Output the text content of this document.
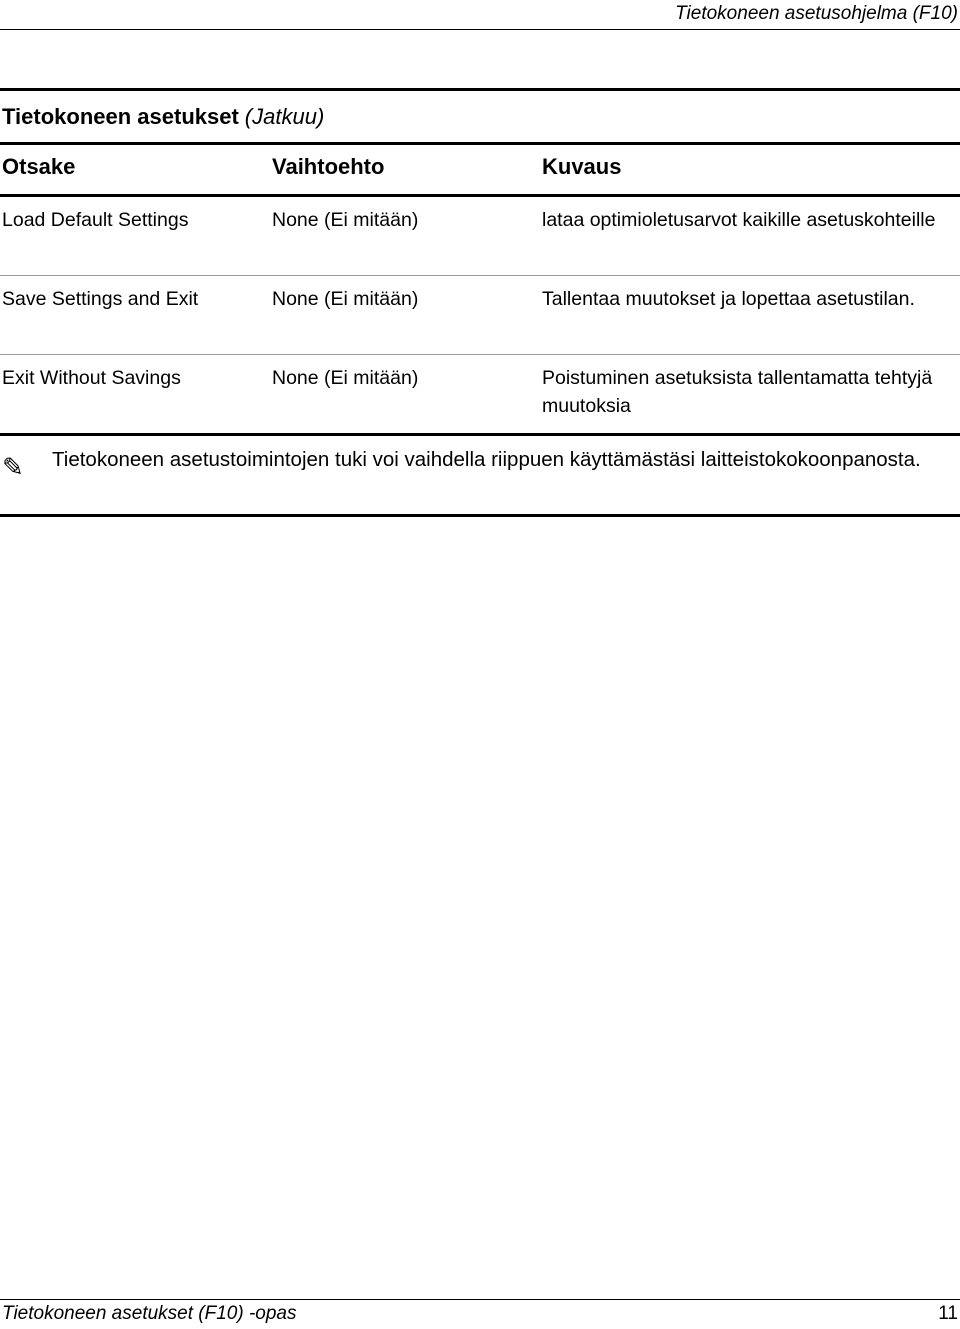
Tietokoneen asetusohjelma (F10)
Tietokoneen asetukset (Jatkuu)
Otsake	Vaihtoehto	Kuvaus
Load Default Settings	None (Ei mitään)	lataa optimioletusarvot kaikille asetuskohteille
Save Settings and Exit	None (Ei mitään)	Tallentaa muutokset ja lopettaa asetustilan.
Exit Without Savings	None (Ei mitään)	Poistuminen asetuksista tallentamatta tehtyjä muutoksia
✎ Tietokoneen asetustoimintojen tuki voi vaihdella riippuen käyttämästäsi laitteistokokoonpanosta.
Tietokoneen asetukset (F10) -opas	11
